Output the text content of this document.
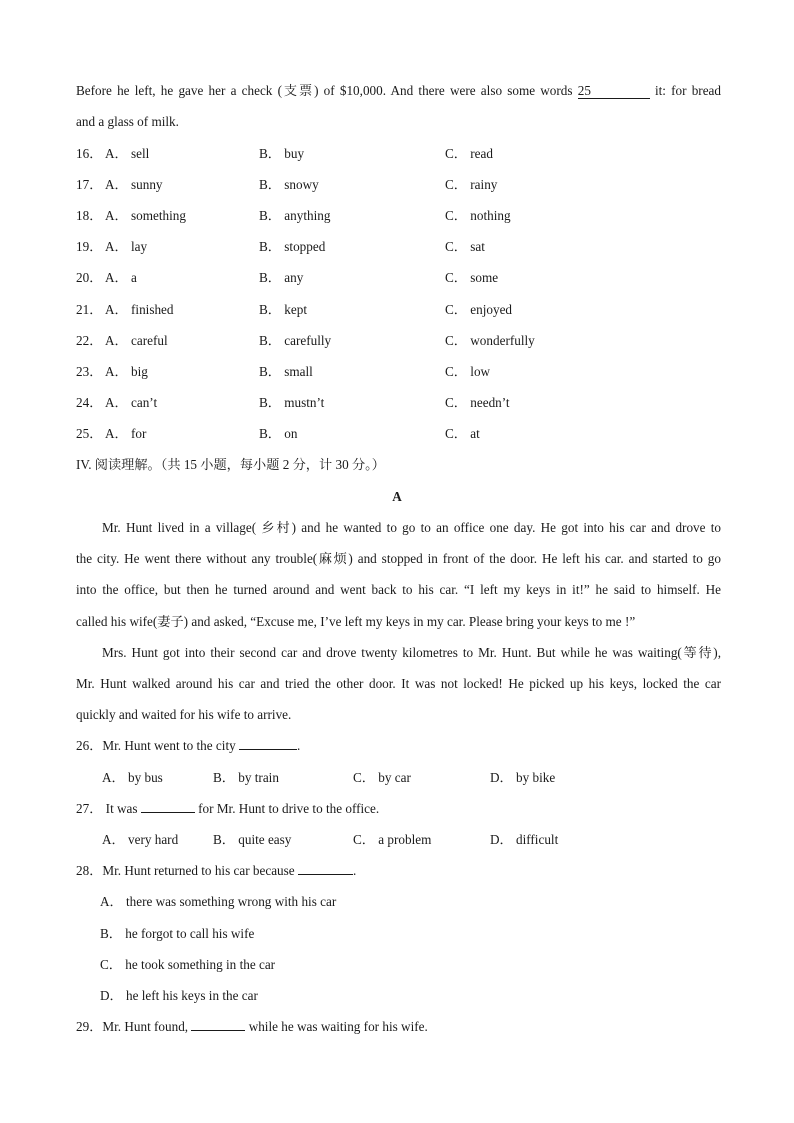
Before he left, he gave her a check (支票) of $10,000. And there were also some words 25	it: for bread
and a glass of milk.
16． A． sell	B． buy	C． read
17． A． sunny	B． snowy	C． rainy
18． A． something	B． anything	C． nothing
19． A． lay	B． stopped	C． sat
20． A． a	B． any	C． some
21． A． finished	B． kept	C． enjoyed
22． A． careful	B． carefully	C． wonderfully
23． A． big	B． small	C． low
24． A． can’t	B． mustn’t	C． needn’t
25． A． for	B． on	C． at
IV. 阅读理解。（共 15 小题，每小题 2 分，计 30 分。）
A
Mr. Hunt lived in a village( 乡村) and he wanted to go to an office one day. He got into his car and drove to
the city. He went there without any trouble(麻烦) and stopped in front of the door. He left his car. and started to go
into the office, but then he turned around and went back to his car. “I left my keys in it!” he said to himself. He
called his wife(妻子) and asked, “Excuse me, I’ve left my keys in my car. Please bring your keys to me !”
Mrs. Hunt got into their second car and drove twenty kilometres to Mr. Hunt. But while he was waiting(等待),
Mr. Hunt walked around his car and tried the other door. It was not locked! He picked up his keys, locked the car
quickly and waited for his wife to arrive.
26．Mr. Hunt went to the city	.
A． by bus	B． by train	C． by car	D． by bike
27． It was	for Mr. Hunt to drive to the office.
A． very hard	B． quite easy	C． a problem	D． difficult
28．Mr. Hunt returned to his car because	.
A． there was something wrong with his car
B． he forgot to call his wife
C． he took something in the car
D． he left his keys in the car
29．Mr. Hunt found,	while he was waiting for his wife.
